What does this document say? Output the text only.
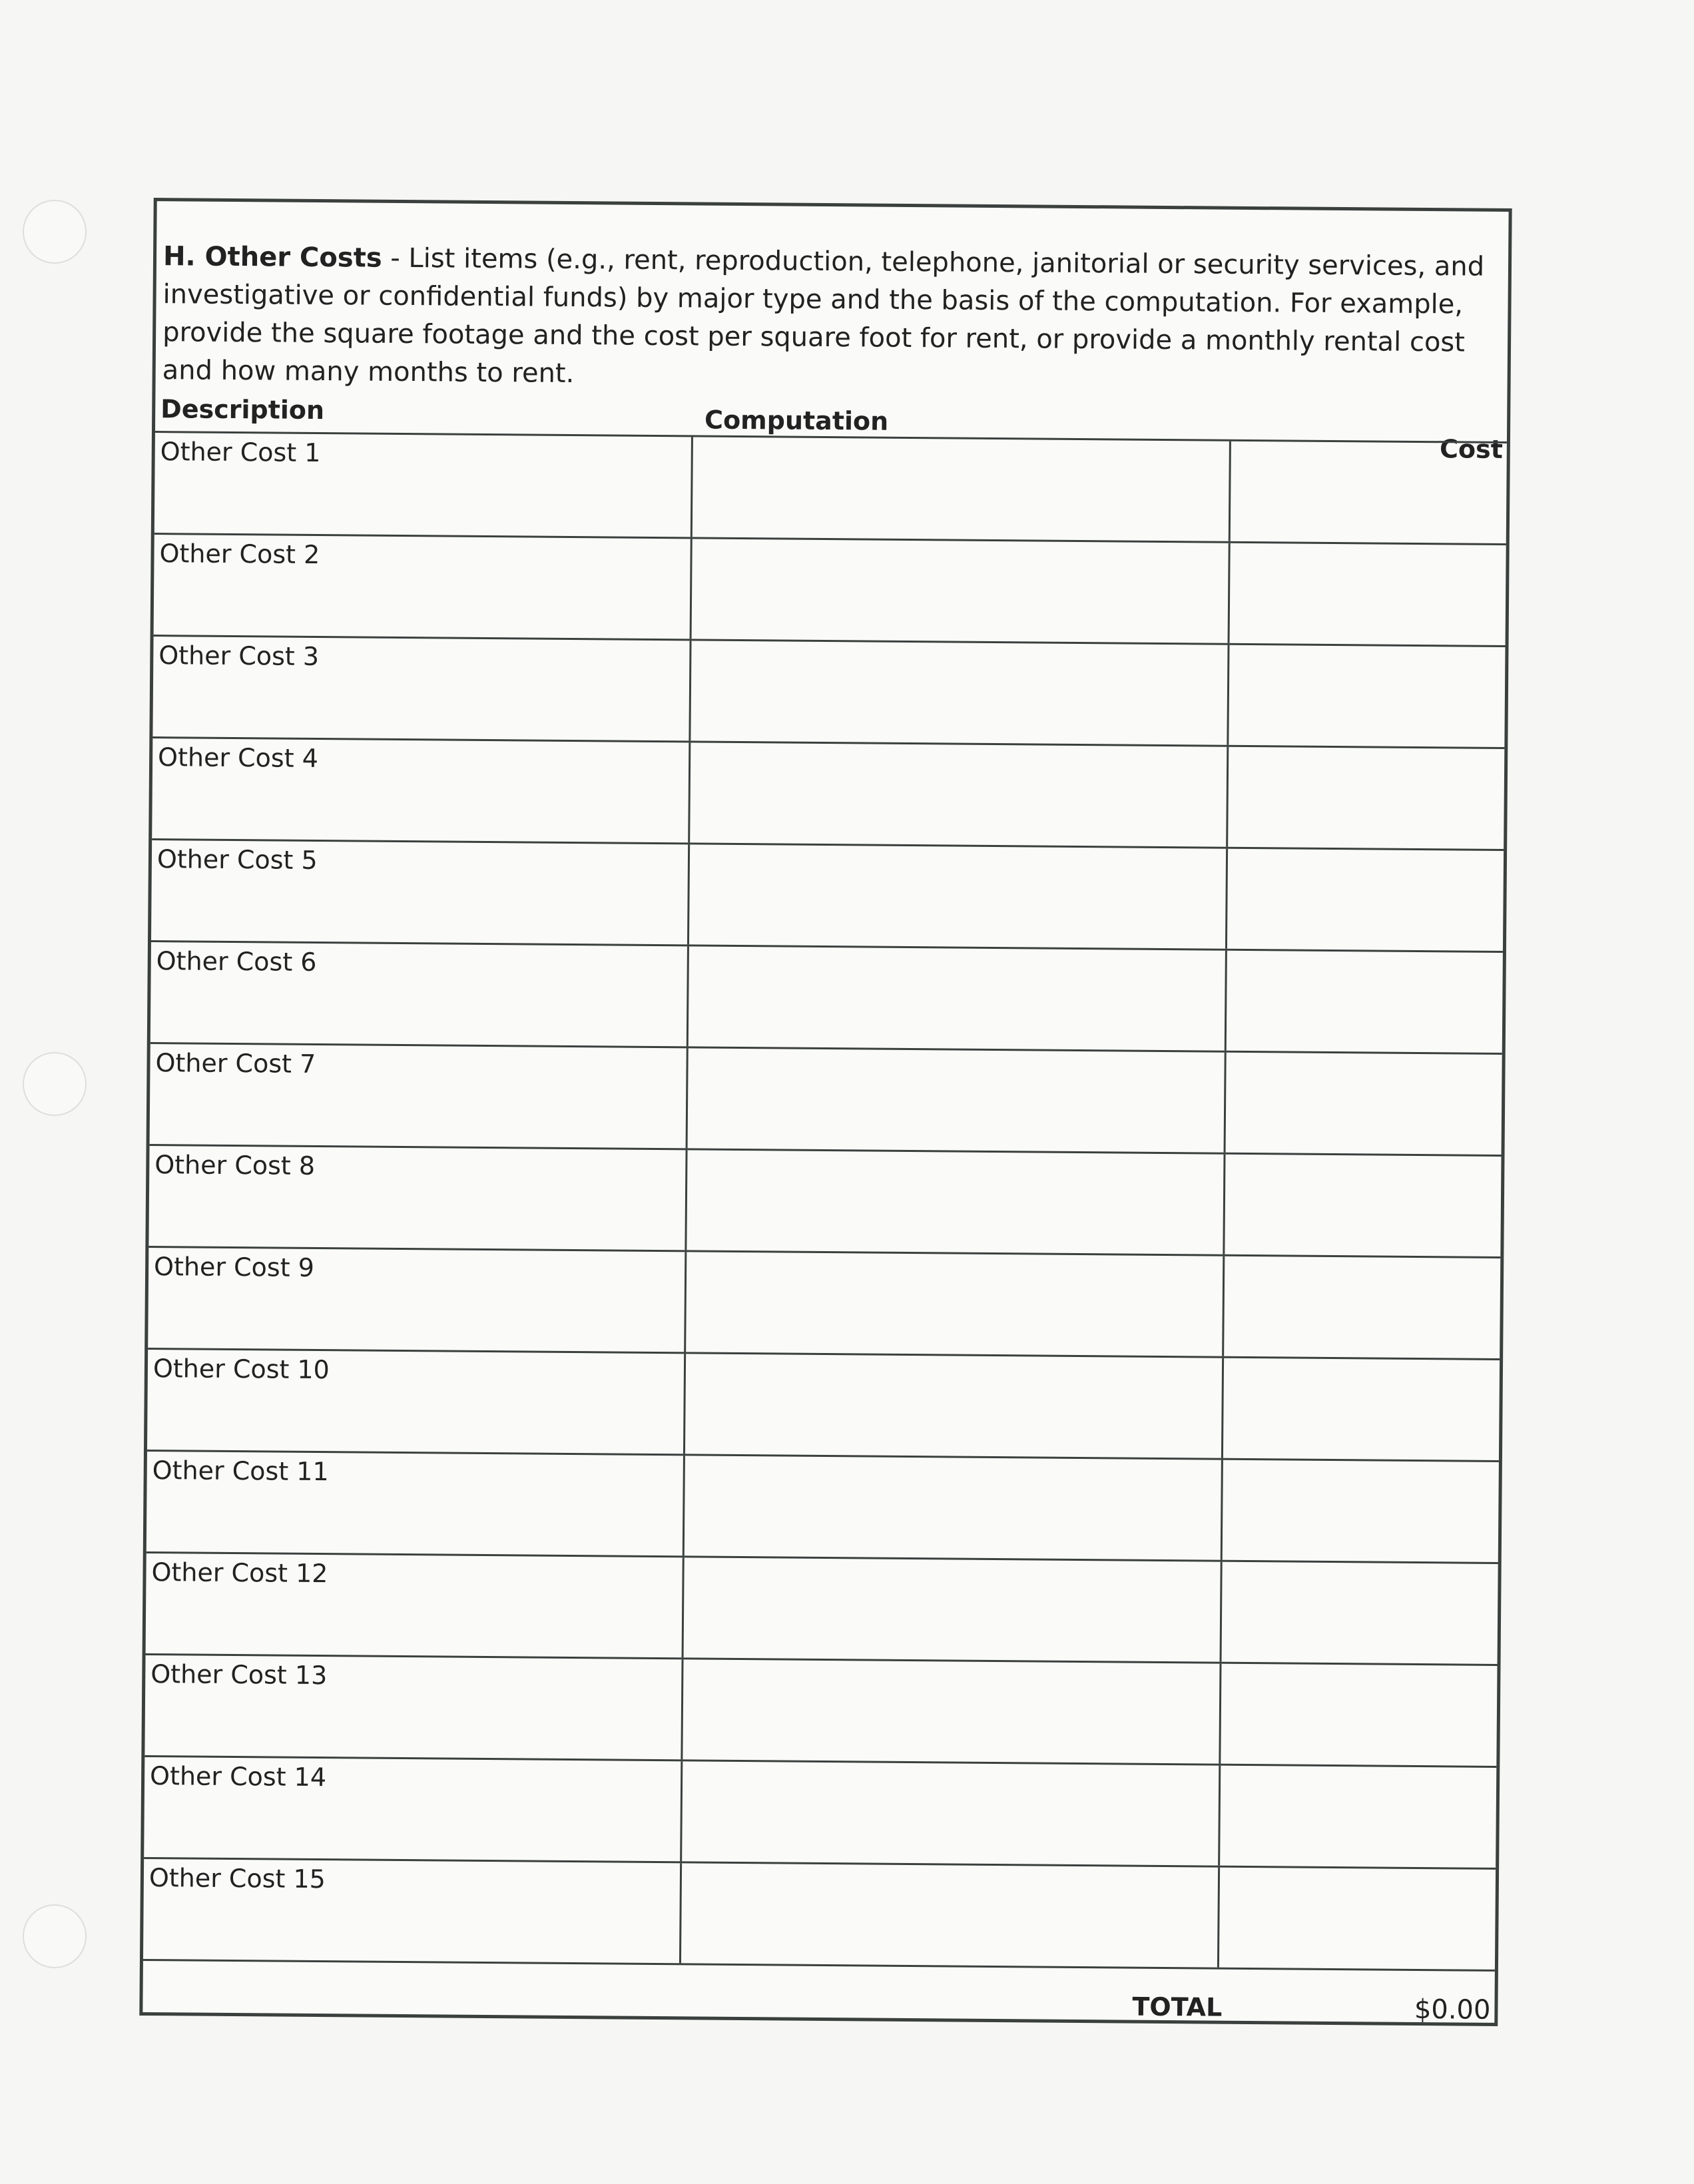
H. Other Costs - List items (e.g., rent, reproduction, telephone, janitorial or security services, and investigative or confidential funds) by major type and the basis of the computation. For example, provide the square footage and the cost per square foot for rent, or provide a monthly rental cost and how many months to rent.

Description	Computation
Cost
Other Cost 1
Other Cost 2
Other Cost 3
Other Cost 4
Other Cost 5
Other Cost 6
Other Cost 7
Other Cost 8
Other Cost 9
Other Cost 10
Other Cost 11
Other Cost 12
Other Cost 13
Other Cost 14
Other Cost 15
TOTAL	$0.00
